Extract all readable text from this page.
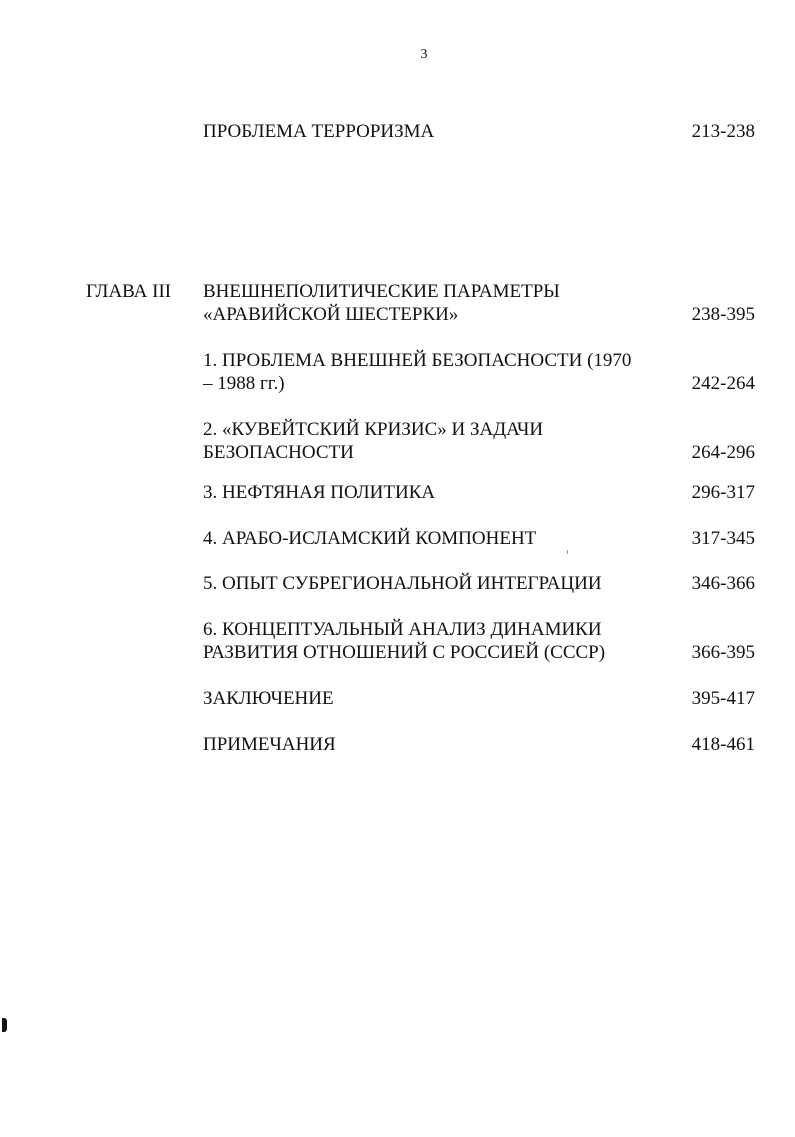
3
ПРОБЛЕМА ТЕРРОРИЗМА	213-238
ГЛАВА III ВНЕШНЕПОЛИТИЧЕСКИЕ ПАРАМЕТРЫ
«АРАВИЙСКОЙ ШЕСТЕРКИ»	238-395
1. ПРОБЛЕМА ВНЕШНЕЙ БЕЗОПАСНОСТИ (1970
– 1988 гг.)	242-264
2. «КУВЕЙТСКИЙ КРИЗИС» И ЗАДАЧИ
БЕЗОПАСНОСТИ	264-296
3. НЕФТЯНАЯ ПОЛИТИКА	296-317
4. АРАБО-ИСЛАМСКИЙ КОМПОНЕНТ	317-345
5. ОПЫТ СУБРЕГИОНАЛЬНОЙ ИНТЕГРАЦИИ	346-366
6. КОНЦЕПТУАЛЬНЫЙ АНАЛИЗ ДИНАМИКИ
РАЗВИТИЯ ОТНОШЕНИЙ С РОССИЕЙ (СССР)	366-395
ЗАКЛЮЧЕНИЕ	395-417
ПРИМЕЧАНИЯ	418-461
